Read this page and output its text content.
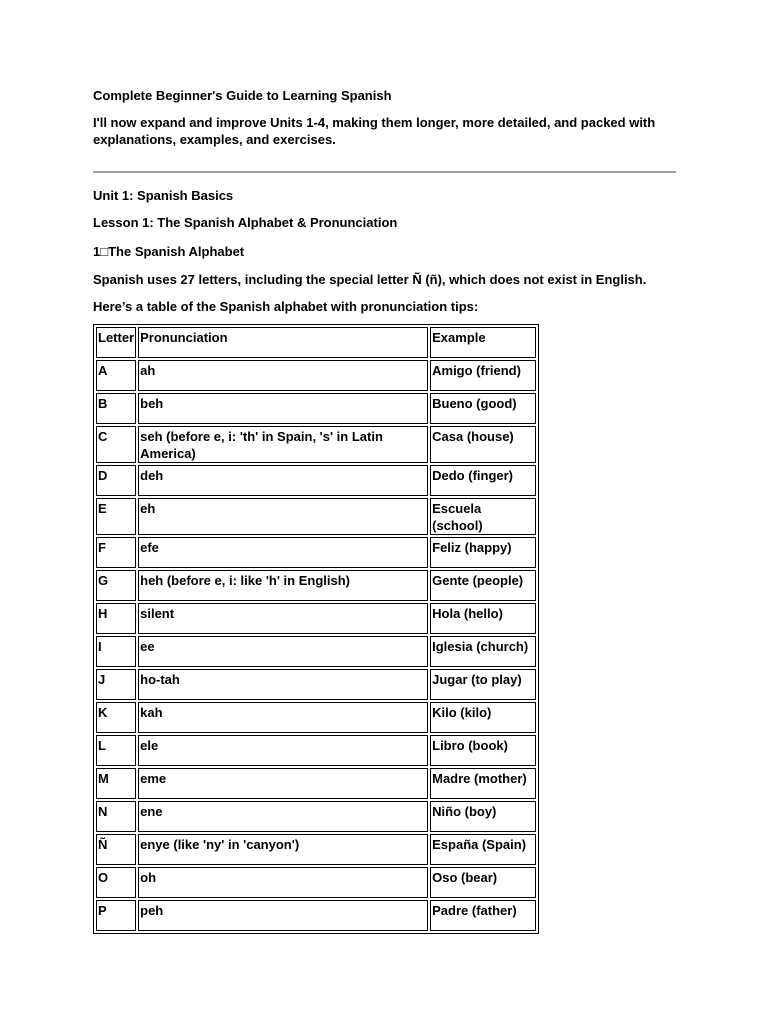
Complete Beginner's Guide to Learning Spanish

I'll now expand and improve Units 1-4, making them longer, more detailed, and packed with explanations, examples, and exercises.

Unit 1: Spanish Basics

Lesson 1: The Spanish Alphabet & Pronunciation

1□The Spanish Alphabet

Spanish uses 27 letters, including the special letter Ñ (ñ), which does not exist in English.

Here’s a table of the Spanish alphabet with pronunciation tips:

Letter	Pronunciation	Example
A	ah	Amigo (friend)
B	beh	Bueno (good)
C	seh (before e, i: 'th' in Spain, 's' in Latin America)	Casa (house)
D	deh	Dedo (finger)
E	eh	Escuela (school)
F	efe	Feliz (happy)
G	heh (before e, i: like 'h' in English)	Gente (people)
H	silent	Hola (hello)
I	ee	Iglesia (church)
J	ho-tah	Jugar (to play)
K	kah	Kilo (kilo)
L	ele	Libro (book)
M	eme	Madre (mother)
N	ene	Niño (boy)
Ñ	enye (like 'ny' in 'canyon')	España (Spain)
O	oh	Oso (bear)
P	peh	Padre (father)
